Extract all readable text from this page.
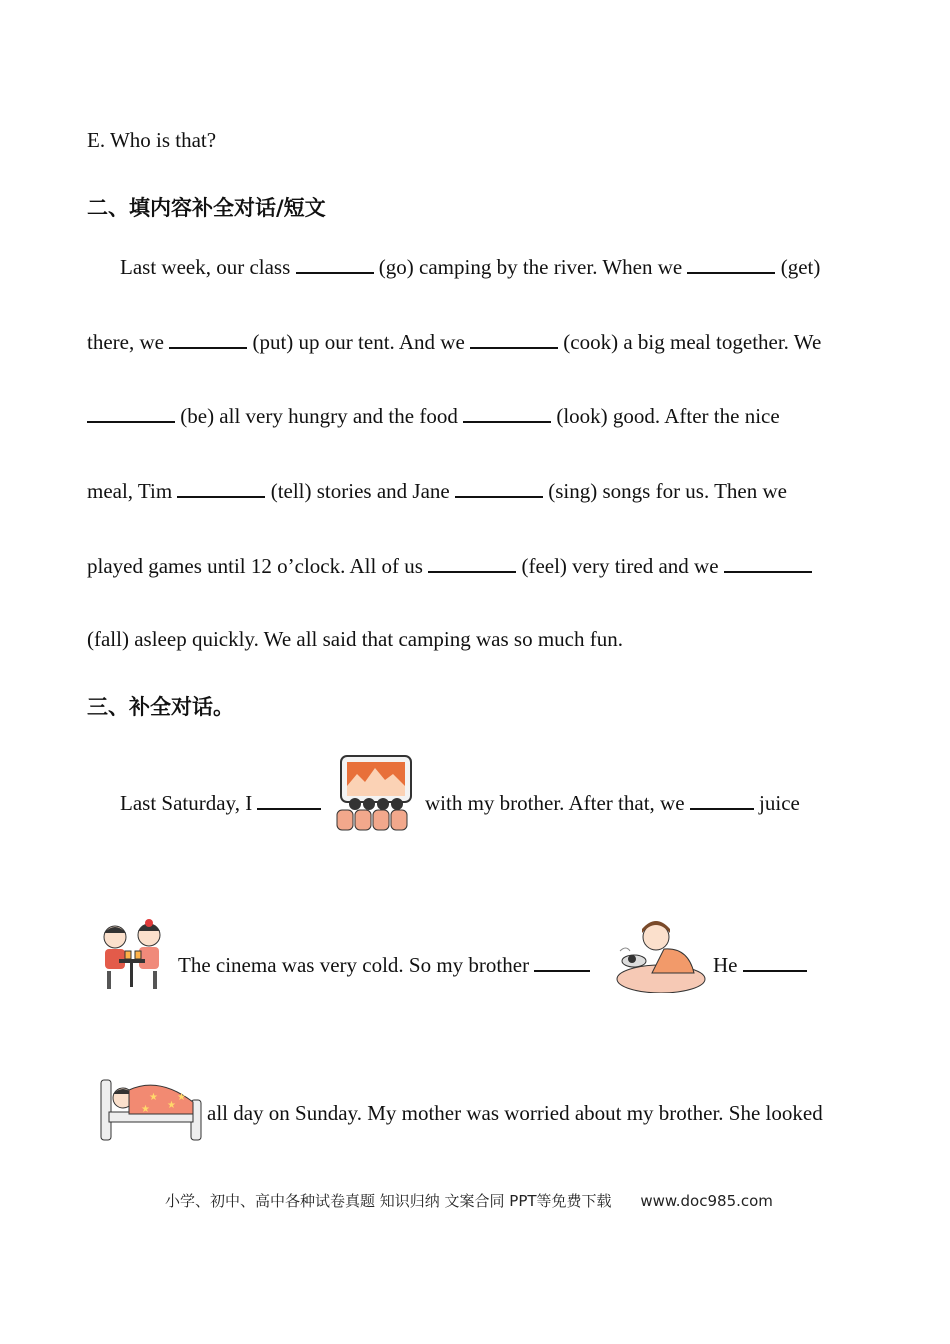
E. Who is that?
二、填内容补全对话/短文
Last week, our class	(go) camping by the river. When we	(get)
there, we	(put) up our tent. And we	(cook) a big meal together. We
(be) all very hungry and the food	(look) good. After the nice
meal, Tim	(tell) stories and Jane	(sing) songs for us. Then we
played games until 12 o’clock. All of us	(feel) very tired and we
(fall) asleep quickly. We all said that camping was so much fun.
三、补全对话。
Last Saturday, I	with my brother. After that, we	juice
The cinema was very cold. So my brother	He
★
★
★
★
all day on Sunday. My mother was worried about my brother. She looked
小学、初中、高中各种试卷真题 知识归纳 文案合同 PPT等免费下载 www.doc985.com
